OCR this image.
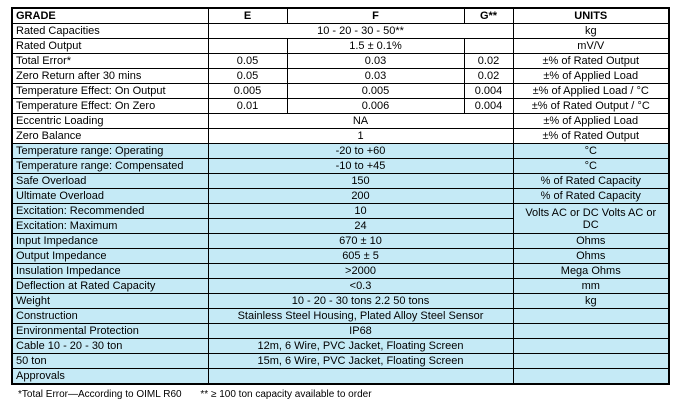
GRADE	E	F	G**	UNITS
Rated Capacities	10 - 20 - 30 - 50**			kg
Rated Output		1.5 ± 0.1%		mV/V
Total Error*	0.05	0.03	0.02	±% of Rated Output
Zero Return after 30 mins	0.05	0.03	0.02	±% of Applied Load
Temperature Effect: On Output	0.005	0.005	0.004	±% of Applied Load / °C
Temperature Effect: On Zero	0.01	0.006	0.004	±% of Rated Output / °C
Eccentric Loading	NA			±% of Applied Load
Zero Balance	1			±% of Rated Output
Temperature range: Operating	-20 to +60			°C
Temperature range: Compensated	-10 to +45			°C
Safe Overload	150			% of Rated Capacity
Ultimate Overload	200			% of Rated Capacity
Excitation: Recommended	10			Volts AC or DC Volts AC or DC
Excitation: Maximum	24			
Input Impedance	670 ± 10			Ohms
Output Impedance	605 ± 5			Ohms
Insulation Impedance	>2000			Mega Ohms
Deflection at Rated Capacity	<0.3			mm
Weight	10 - 20 - 30 tons 2.2 50 tons			kg
Construction	Stainless Steel Housing, Plated Alloy Steel Sensor			
Environmental Protection	IP68			
Cable 10 - 20 - 30 ton	12m, 6 Wire, PVC Jacket, Floating Screen			
50 ton	15m, 6 Wire, PVC Jacket, Floating Screen			
Approvals				
*Total Error—According to OIML R60 ** ≥ 100 ton capacity available to order
